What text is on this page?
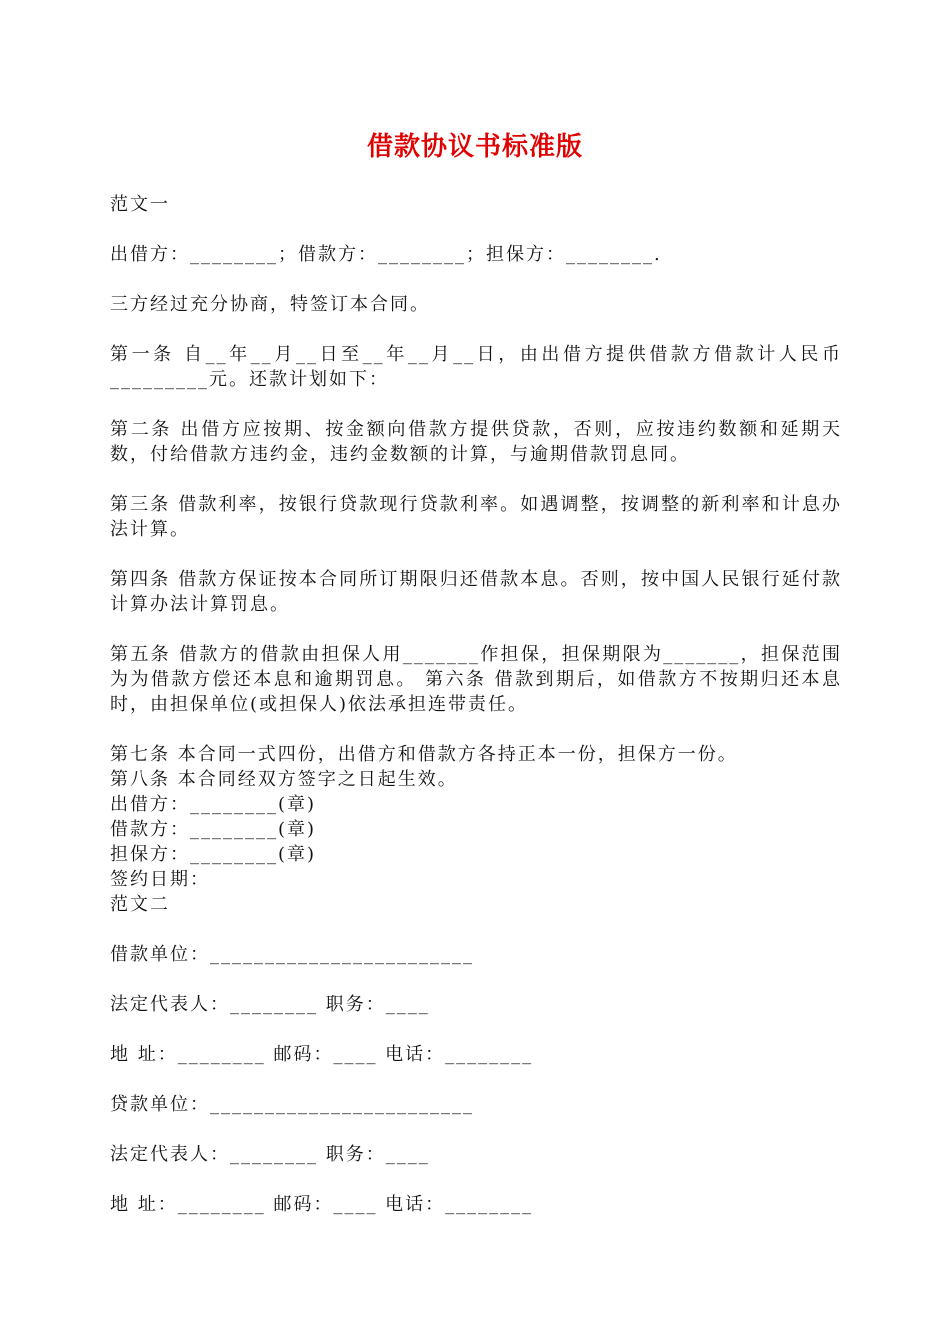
借款协议书标准版

范文一

出借方：________；借款方：________；担保方：________.

三方经过充分协商，特签订本合同。

第一条 自__年__月__日至__年__月__日，由出借方提供借款方借款计人民币_________元。还款计划如下：

第二条 出借方应按期、按金额向借款方提供贷款，否则，应按违约数额和延期天数，付给借款方违约金，违约金数额的计算，与逾期借款罚息同。

第三条 借款利率，按银行贷款现行贷款利率。如遇调整，按调整的新利率和计息办法计算。

第四条 借款方保证按本合同所订期限归还借款本息。否则，按中国人民银行延付款计算办法计算罚息。

第五条 借款方的借款由担保人用_______作担保，担保期限为_______，担保范围为为借款方偿还本息和逾期罚息。 第六条 借款到期后，如借款方不按期归还本息时，由担保单位(或担保人)依法承担连带责任。

第七条 本合同一式四份，出借方和借款方各持正本一份，担保方一份。

第八条 本合同经双方签字之日起生效。

出借方：________(章)

借款方：________(章)

担保方：________(章)

签约日期：

范文二

借款单位：________________________

法定代表人：________ 职务：____

地 址：________ 邮码：____ 电话：________

贷款单位：________________________

法定代表人：________ 职务：____

地 址：________ 邮码：____ 电话：________
